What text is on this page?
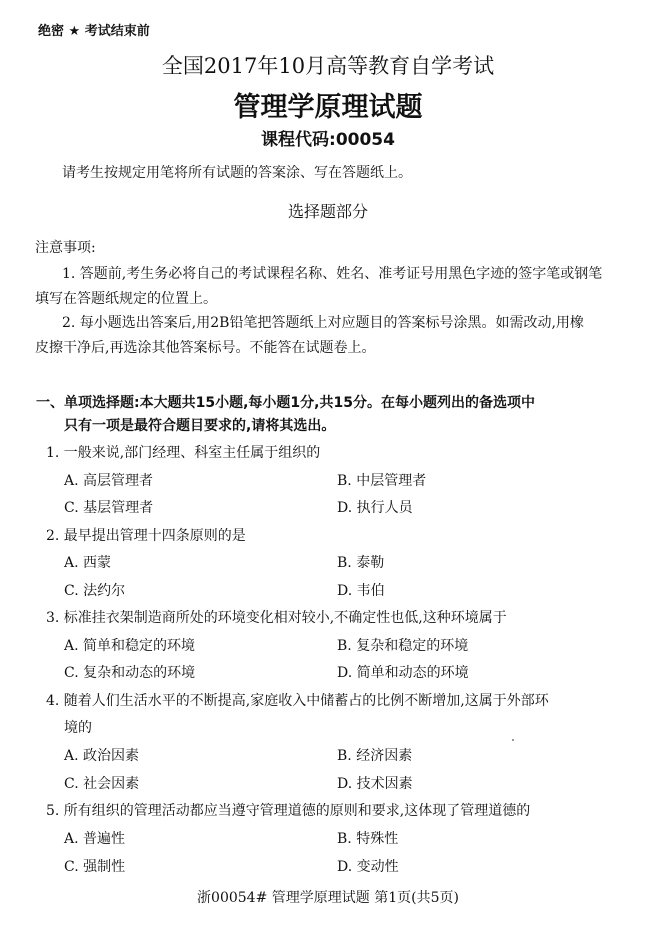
绝密 ★ 考试结束前
全国2017年10月高等教育自学考试
管理学原理试题
课程代码:00054
请考生按规定用笔将所有试题的答案涂、写在答题纸上。
选择题部分
注意事项:
1. 答题前,考生务必将自己的考试课程名称、姓名、准考证号用黑色字迹的签字笔或钢笔
填写在答题纸规定的位置上。
2. 每小题选出答案后,用2B铅笔把答题纸上对应题目的答案标号涂黑。如需改动,用橡
皮擦干净后,再选涂其他答案标号。不能答在试题卷上。
一、单项选择题:本大题共15小题,每小题1分,共15分。在每小题列出的备选项中
只有一项是最符合题目要求的,请将其选出。
1. 一般来说,部门经理、科室主任属于组织的
A. 高层管理者	B. 中层管理者
C. 基层管理者	D. 执行人员
2. 最早提出管理十四条原则的是
A. 西蒙	B. 泰勒
C. 法约尔	D. 韦伯
3. 标准挂衣架制造商所处的环境变化相对较小,不确定性也低,这种环境属于
A. 简单和稳定的环境	B. 复杂和稳定的环境
C. 复杂和动态的环境	D. 简单和动态的环境
4. 随着人们生活水平的不断提高,家庭收入中储蓄占的比例不断增加,这属于外部环
境的
A. 政治因素	B. 经济因素
C. 社会因素	D. 技术因素
5. 所有组织的管理活动都应当遵守管理道德的原则和要求,这体现了管理道德的
A. 普遍性	B. 特殊性
C. 强制性	D. 变动性
浙00054# 管理学原理试题 第1页(共5页)
